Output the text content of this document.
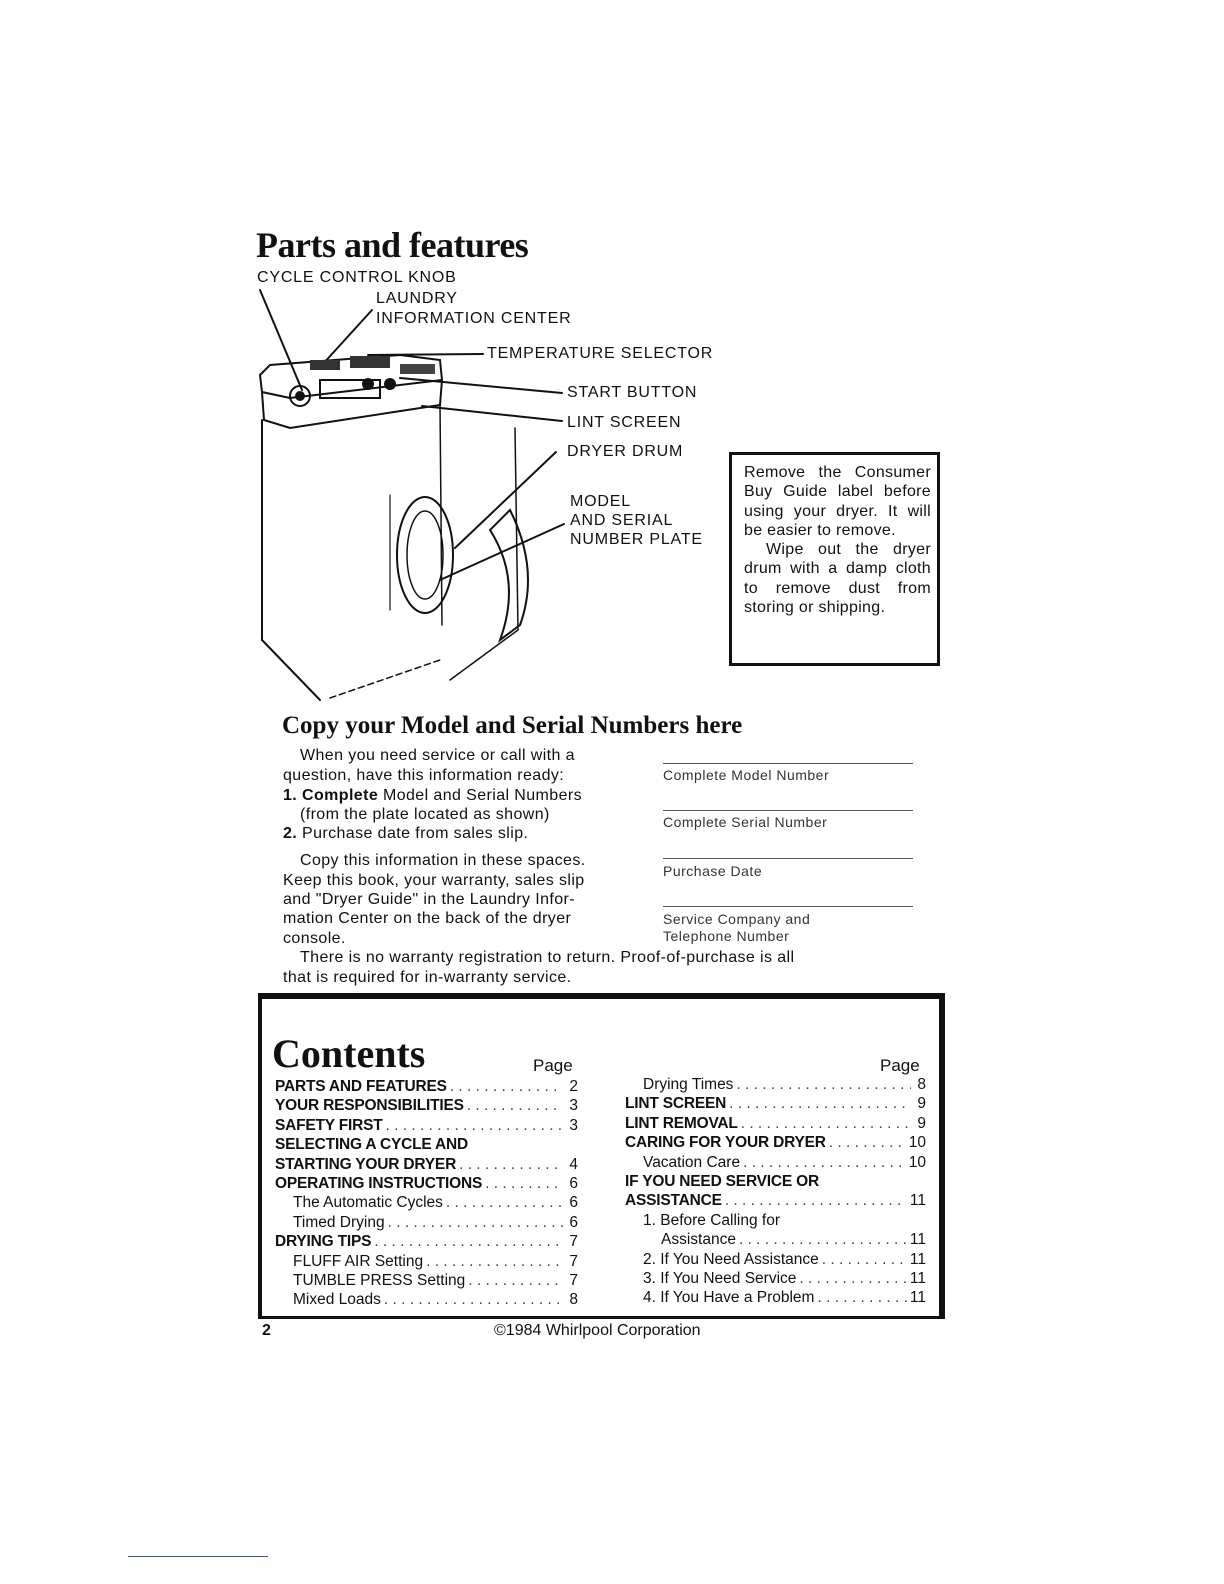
Parts and features
CYCLE CONTROL KNOB
LAUNDRY
INFORMATION CENTER
TEMPERATURE SELECTOR
START BUTTON
LINT SCREEN
DRYER DRUM
MODEL
AND SERIAL
NUMBER PLATE

Remove the Consumer Buy Guide label before using your dryer. It will be easier to remove.

Wipe out the dryer drum with a damp cloth to remove dust from storing or shipping.

Copy your Model and Serial Numbers here
When you need service or call with a
question, have this information ready:
1. Complete Model and Serial Numbers
(from the plate located as shown)
2. Purchase date from sales slip.
Copy this information in these spaces.
Keep this book, your warranty, sales slip
and "Dryer Guide" in the Laundry Infor-
mation Center on the back of the dryer
console.
There is no warranty registration to return. Proof-of-purchase is all
that is required for in-warranty service.
Complete Model Number
Complete Serial Number
Purchase Date
Service Company and
Telephone Number
Contents	Page	Page
PARTS AND FEATURES . . .	2
YOUR RESPONSIBILITIES . . .	3
SAFETY FIRST . . .	3
SELECTING A CYCLE AND
STARTING YOUR DRYER . . .	4
OPERATING INSTRUCTIONS . . .	6
The Automatic Cycles . . .	6
Timed Drying . . .	6
DRYING TIPS . . .	7
FLUFF AIR Setting . . .	7
TUMBLE PRESS Setting . . .	7
Mixed Loads . . .	8
Drying Times . . .	8
LINT SCREEN . . .	9
LINT REMOVAL . . .	9
CARING FOR YOUR DRYER . . .	10
Vacation Care . . .	10
IF YOU NEED SERVICE OR
ASSISTANCE . . .	11
1. Before Calling for
Assistance . . .	11
2. If You Need Assistance . . .	11
3. If You Need Service . . .	11
4. If You Have a Problem . . .	11
2	©1984 Whirlpool Corporation
